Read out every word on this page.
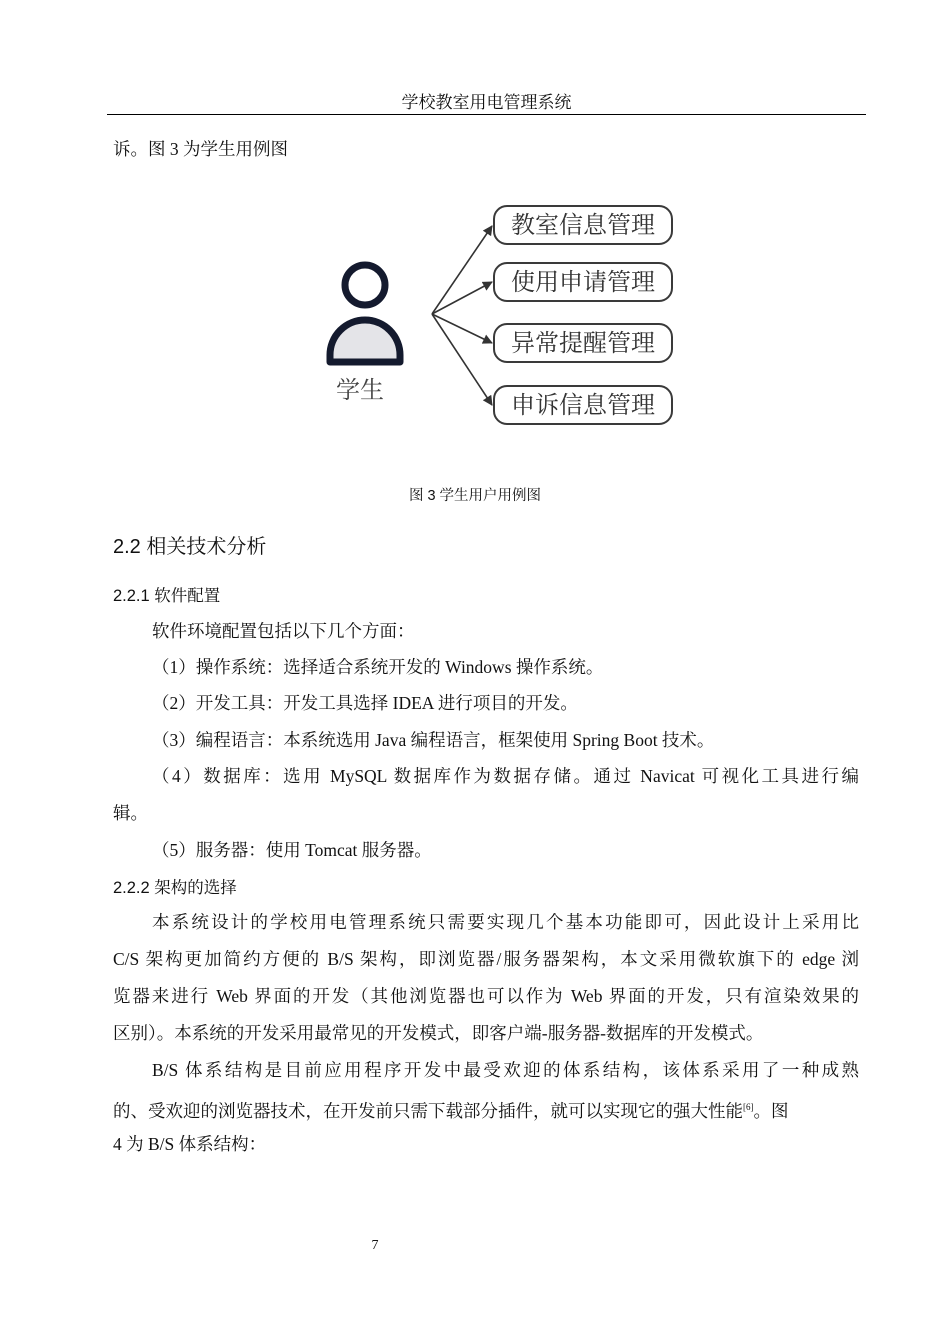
学校教室用电管理系统
诉。图 3 为学生用例图
学生
教室信息管理
使用申请管理
异常提醒管理
申诉信息管理
图 3 学生用户用例图
2.2 相关技术分析
2.2.1 软件配置
软件环境配置包括以下几个方面：
（1）操作系统：选择适合系统开发的 Windows 操作系统。
（2）开发工具：开发工具选择 IDEA 进行项目的开发。
（3）编程语言：本系统选用 Java 编程语言，框架使用 Spring Boot 技术。
（4）数据库：选用 MySQL 数据库作为数据存储。通过 Navicat 可视化工具进行编
辑。
（5）服务器：使用 Tomcat 服务器。
2.2.2 架构的选择
本系统设计的学校用电管理系统只需要实现几个基本功能即可，因此设计上采用比
C/S 架构更加简约方便的 B/S 架构，即浏览器/服务器架构，本文采用微软旗下的 edge 浏
览器来进行 Web 界面的开发（其他浏览器也可以作为 Web 界面的开发，只有渲染效果的
区别）。本系统的开发采用最常见的开发模式，即客户端-服务器-数据库的开发模式。
B/S 体系结构是目前应用程序开发中最受欢迎的体系结构，该体系采用了一种成熟
的、受欢迎的浏览器技术，在开发前只需下载部分插件，就可以实现它的强大性能[6]。图
4 为 B/S 体系结构：
7
